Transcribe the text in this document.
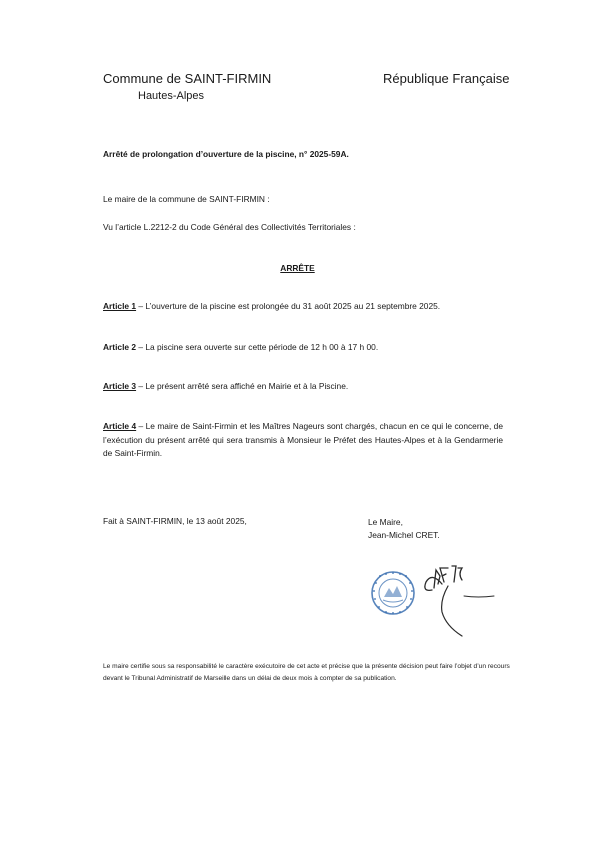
Commune de SAINT-FIRMIN

Hautes-Alpes

République Française

Arrêté de prolongation d’ouverture de la piscine, n° 2025-59A.

Le maire de la commune de SAINT-FIRMIN :

Vu l’article L.2212-2 du Code Général des Collectivités Territoriales :

ARRÊTE

Article 1 – L’ouverture de la piscine est prolongée du 31 août 2025 au 21 septembre 2025.

Article 2 – La piscine sera ouverte sur cette période de 12 h 00 à 17 h 00.

Article 3 – Le présent arrêté sera affiché en Mairie et à la Piscine.

Article 4 – Le maire de Saint-Firmin et les Maîtres Nageurs sont chargés, chacun en ce qui le concerne, de l’exécution du présent arrêté qui sera transmis à Monsieur le Préfet des Hautes-Alpes et à la Gendarmerie de Saint-Firmin.

Fait à SAINT-FIRMIN, le 13 août 2025,	Le Maire,
Jean-Michel CRET.

Le maire certifie sous sa responsabilité le caractère exécutoire de cet acte et précise que la présente décision peut faire l’objet d’un recours devant le Tribunal Administratif de Marseille dans un délai de deux mois à compter de sa publication.
